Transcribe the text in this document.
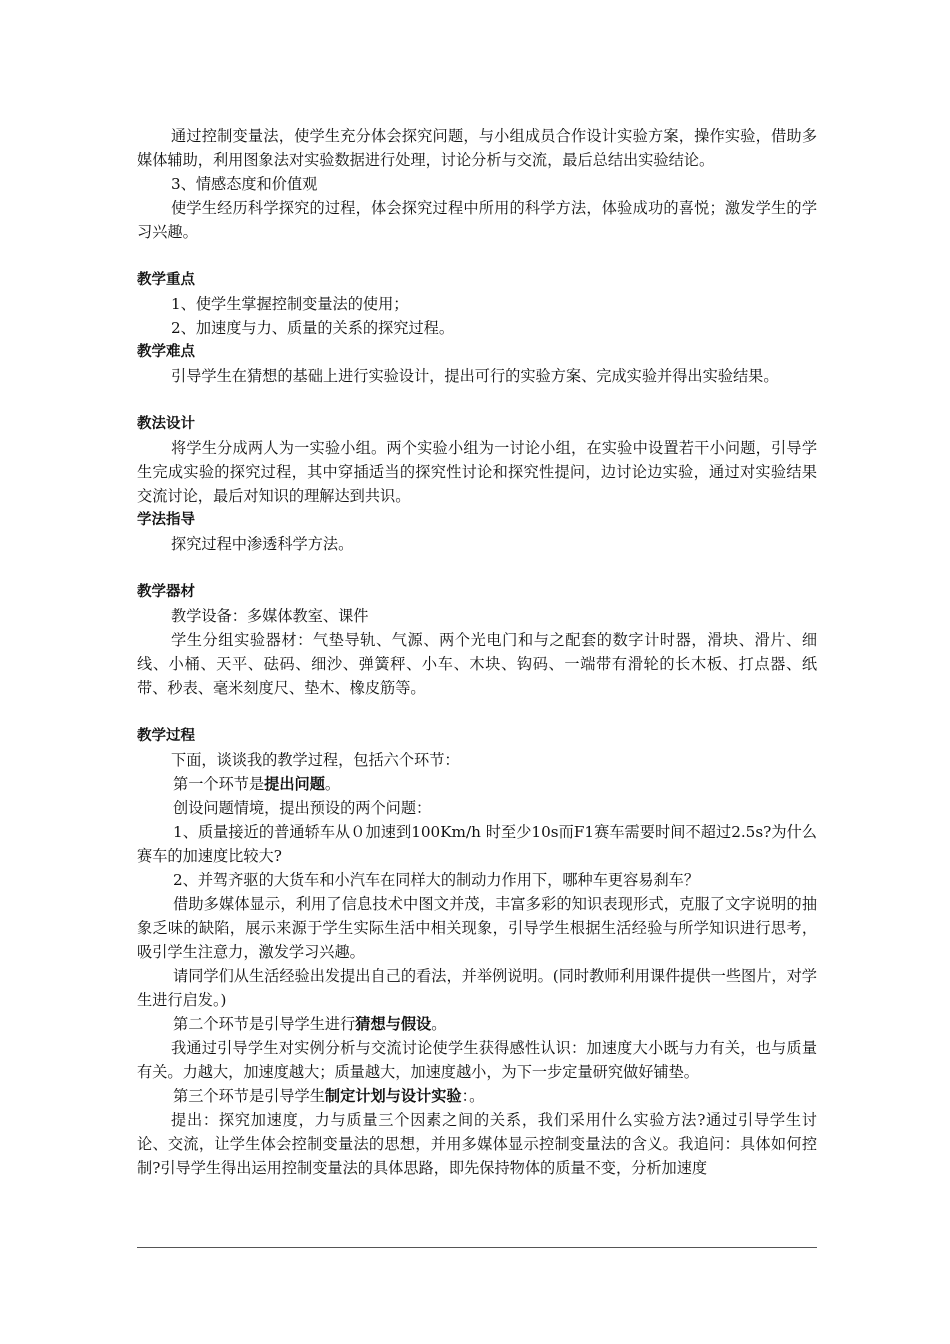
通过控制变量法，使学生充分体会探究问题，与小组成员合作设计实验方案，操作实验，借助多媒体辅助，利用图象法对实验数据进行处理，讨论分析与交流，最后总结出实验结论。

3、情感态度和价值观

使学生经历科学探究的过程，体会探究过程中所用的科学方法，体验成功的喜悦；激发学生的学习兴趣。

教学重点

1、使学生掌握控制变量法的使用；

2、加速度与力、质量的关系的探究过程。

教学难点

引导学生在猜想的基础上进行实验设计，提出可行的实验方案、完成实验并得出实验结果。

教法设计

将学生分成两人为一实验小组。两个实验小组为一讨论小组，在实验中设置若干小问题，引导学生完成实验的探究过程，其中穿插适当的探究性讨论和探究性提问，边讨论边实验，通过对实验结果交流讨论，最后对知识的理解达到共识。

学法指导

探究过程中渗透科学方法。

教学器材

教学设备：多媒体教室、课件

学生分组实验器材：气垫导轨、气源、两个光电门和与之配套的数字计时器，滑块、滑片、细线、小桶、天平、砝码、细沙、弹簧秤、小车、木块、钩码、一端带有滑轮的长木板、打点器、纸带、秒表、毫米刻度尺、垫木、橡皮筋等。

教学过程

下面，谈谈我的教学过程，包括六个环节：

第一个环节是提出问题。

创设问题情境，提出预设的两个问题：

1、质量接近的普通轿车从０加速到100Km/h 时至少10s而F1赛车需要时间不超过2.5s?为什么赛车的加速度比较大?

2、并驾齐驱的大货车和小汽车在同样大的制动力作用下，哪种车更容易刹车？

借助多媒体显示，利用了信息技术中图文并茂，丰富多彩的知识表现形式，克服了文字说明的抽象乏味的缺陷，展示来源于学生实际生活中相关现象，引导学生根据生活经验与所学知识进行思考，吸引学生注意力，激发学习兴趣。

请同学们从生活经验出发提出自己的看法，并举例说明。(同时教师利用课件提供一些图片，对学生进行启发。)

第二个环节是引导学生进行猜想与假设。

我通过引导学生对实例分析与交流讨论使学生获得感性认识：加速度大小既与力有关，也与质量有关。力越大，加速度越大；质量越大，加速度越小，为下一步定量研究做好铺垫。

第三个环节是引导学生制定计划与设计实验：。

提出：探究加速度，力与质量三个因素之间的关系，我们采用什么实验方法?通过引导学生讨论、交流，让学生体会控制变量法的思想，并用多媒体显示控制变量法的含义。我追问：具体如何控制?引导学生得出运用控制变量法的具体思路，即先保持物体的质量不变，分析加速度
